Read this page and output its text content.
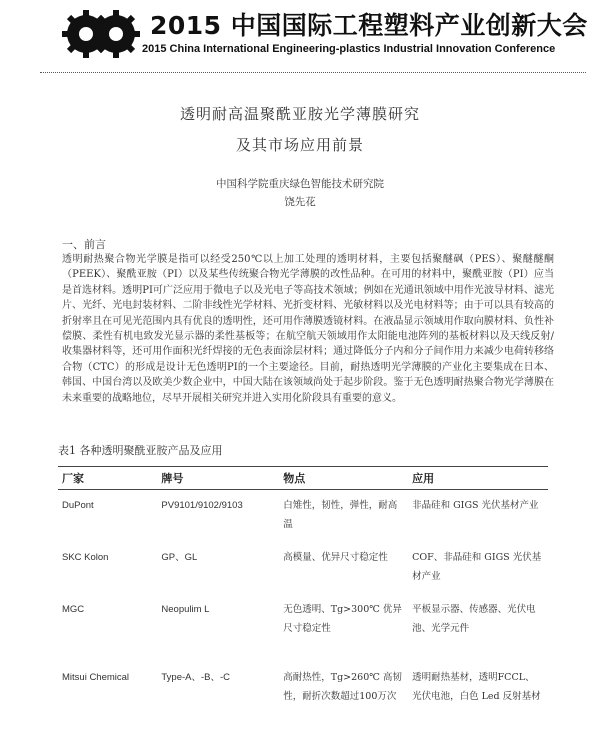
2015 中国国际工程塑料产业创新大会
2015 China International Engineering-plastics Industrial Innovation Conference
透明耐高温聚酰亚胺光学薄膜研究
及其市场应用前景
中国科学院重庆绿色智能技术研究院
饶先花
一、前言
透明耐热聚合物光学膜是指可以经受250℃以上加工处理的透明材料，主要包括聚醚砜（PES）、聚醚醚酮（PEEK）、聚酰亚胺（PI）以及某些传统聚合物光学薄膜的改性品种。在可用的材料中，聚酰亚胺（PI）应当是首选材料。透明PI可广泛应用于微电子以及光电子等高技术领域；例如在光通讯领域中用作光波导材料、滤光片、光纤、光电封装材料、二阶非线性光学材料、光折变材料、光敏材料以及光电材料等；由于可以具有较高的折射率且在可见光范围内具有优良的透明性，还可用作薄膜透镜材料。在液晶显示领域用作取向膜材料、负性补偿膜、柔性有机电致发光显示器的柔性基板等；在航空航天领域用作太阳能电池阵列的基板材料以及天线反射/收集器材料等，还可用作面积光纤焊接的无色表面涂层材料；通过降低分子内和分子间作用力来减少电荷转移络合物（CTC）的形成是设计无色透明PI的一个主要途径。目前，耐热透明光学薄膜的产业化主要集成在日本、韩国、中国台湾以及欧美少数企业中，中国大陆在该领域尚处于起步阶段。鉴于无色透明耐热聚合物光学薄膜在未来重要的战略地位，尽早开展相关研究并进入实用化阶段具有重要的意义。
表1 各种透明聚酰亚胺产品及应用
厂家	牌号	物点	应用
DuPont	PV9101/9102/9103	白雉性，韧性，弹性，耐高温	非晶硅和 GIGS 光伏基材产业
SKC Kolon	GP、GL	高模量、优异尺寸稳定性	COF、非晶硅和 GIGS 光伏基材产业
MGC	Neopulim L	无色透明、Tg>300℃ 优异尺寸稳定性	平板显示器、传感器、光伏电池、光学元件
Mitsui Chemical	Type-A、-B、-C	高耐热性，Tg>260℃ 高韧性，耐折次数超过100万次	透明耐热基材，透明FCCL、光伏电池，白色 Led 反射基材
